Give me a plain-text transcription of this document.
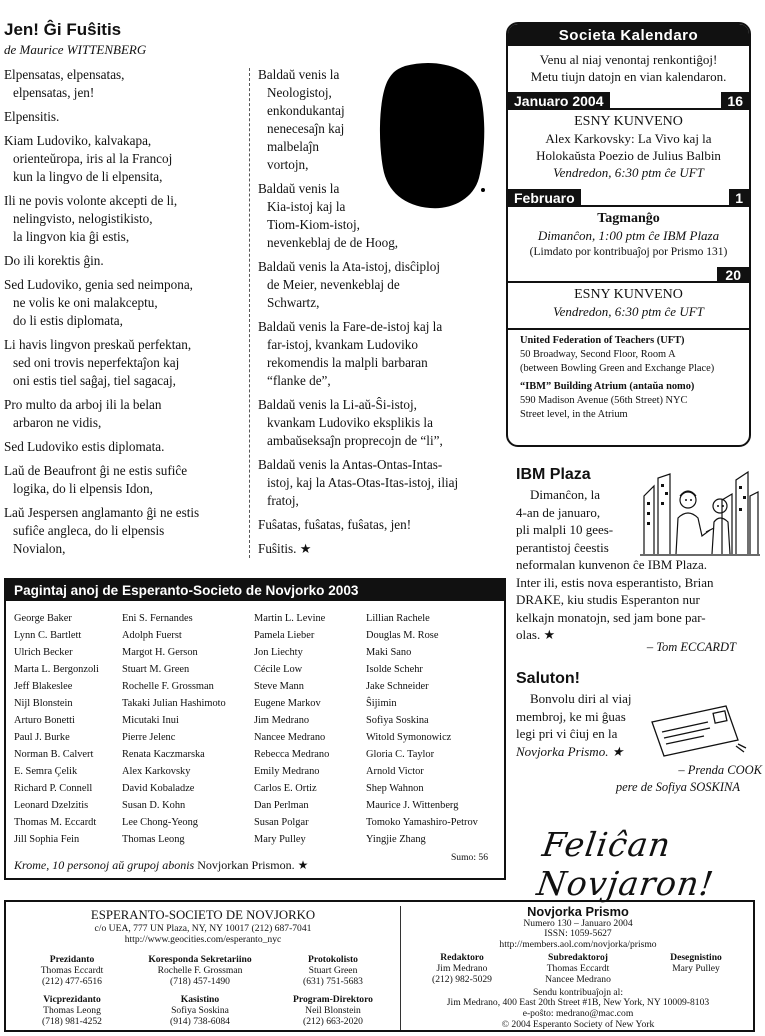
Jen! Ĝi Fuŝitis
de Maurice WITTENBERG
Elpensatas, elpensatas,
elpensatas, jen!
Elpensitis.
Kiam Ludoviko, kalvakapa,
orienteŭropa, iris al la Francoj
kun la lingvo de li elpensita,
Ili ne povis volonte akcepti de li,
nelingvisto, nelogistikisto,
la lingvon kia ĝi estis,
Do ili korektis ĝin.
Sed Ludoviko, genia sed neimpona,
ne volis ke oni malakceptu,
do li estis diplomata,
Li havis lingvon preskaŭ perfektan,
sed oni trovis neperfektaĵon kaj
oni estis tiel saĝaj, tiel sagacaj,
Pro multo da arboj ili la belan
arbaron ne vidis,
Sed Ludoviko estis diplomata.
Laŭ de Beaufront ĝi ne estis sufiĉe
logika, do li elpensis Idon,
Laŭ Jespersen anglamanto ĝi ne estis
sufiĉe angleca, do li elpensis
Novialon,
Baldaŭ venis la
Neologistoj,
enkondukantaj
nenecesaĵn kaj
malbelaĵn
vortojn,
Baldaŭ venis la
Kia-istoj kaj la
Tiom-Kiom-istoj,
nevenkeblaj de de Hoog,
Baldaŭ venis la Ata-istoj, disĉiploj
de Meier, nevenkeblaj de
Schwartz,
Baldaŭ venis la Fare-de-istoj kaj la
far-istoj, kvankam Ludoviko
rekomendis la malpli barbaran
“flanke de”,
Baldaŭ venis la Li-aŭ-Ŝi-istoj,
kvankam Ludoviko eksplikis la
ambaŭseksaĵn proprecojn de “li”,
Baldaŭ venis la Antas-Ontas-Intas-
istoj, kaj la Atas-Otas-Itas-istoj, iliaj
fratoj,
Fuŝatas, fuŝatas, fuŝatas, jen!
Fuŝitis. ★
Societa Kalendaro
Venu al niaj venontaj renkontiĝoj!
Metu tiujn datojn en vian kalendaron.
Januaro 2004	16
ESNY KUNVENO
Alex Karkovsky: La Vivo kaj la
Holokaŭsta Poezio de Julius Balbin
Vendredon, 6:30 ptm ĉe UFT
Februaro	1
Tagmanĝo
Dimanĉon, 1:00 ptm ĉe IBM Plaza
(Limdato por kontribuaĵoj por Prismo 131)
20
ESNY KUNVENO
Vendredon, 6:30 ptm ĉe UFT
United Federation of Teachers (UFT)
50 Broadway, Second Floor, Room A
(between Bowling Green and Exchange Place)
“IBM” Building Atrium (antaŭa nomo)
590 Madison Avenue (56th Street) NYC
Street level, in the Atrium
IBM Plaza
Dimanĉon, la
4-an de januaro,
pli malpli 10 gees-
perantistoj ĉeestis
neformalan kunvenon ĉe IBM Plaza.
Inter ili, estis nova esperantisto, Brian
DRAKE, kiu studis Esperanton nur
kelkajn monatojn, sed jam bone par-
olas. ★
– Tom ECCARDT
Saluton!
Bonvolu diri al viaj
membroj, ke mi ĝuas
legi pri vi ĉiuj en la
Novjorka Prismo. ★
– Prenda COOK
pere de Sofiya SOSKINA
Feliĉan Novjaron!
Pagintaj anoj de Esperanto-Societo de Novjorko 2003
George Baker
Lynn C. Bartlett
Ulrich Becker
Marta L. Bergonzoli
Jeff Blakeslee
Nijl Blonstein
Arturo Bonetti
Paul J. Burke
Norman B. Calvert
E. Semra Çelik
Richard P. Connell
Leonard Dzelzitis
Thomas M. Eccardt
Jill Sophia Fein
Eni S. Fernandes
Adolph Fuerst
Margot H. Gerson
Stuart M. Green
Rochelle F. Grossman
Takaki Julian Hashimoto
Micutaki Inui
Pierre Jelenc
Renata Kaczmarska
Alex Karkovsky
David Kobaladze
Susan D. Kohn
Lee Chong-Yeong
Thomas Leong
Martin L. Levine
Pamela Lieber
Jon Liechty
Cécile Low
Steve Mann
Eugene Markov
Jim Medrano
Nancee Medrano
Rebecca Medrano
Emily Medrano
Carlos E. Ortiz
Dan Perlman
Susan Polgar
Mary Pulley
Lillian Rachele
Douglas M. Rose
Maki Sano
Isolde Schehr
Jake Schneider
Ŝijimin
Sofiya Soskina
Witold Symonowicz
Gloria C. Taylor
Arnold Victor
Shep Wahnon
Maurice J. Wittenberg
Tomoko Yamashiro-Petrov
Yingjie Zhang
Sumo: 56
Krome, 10 personoj aŭ grupoj abonis Novjorkan Prismon. ★
ESPERANTO-SOCIETO DE NOVJORKO
c/o UEA, 777 UN Plaza, NY, NY 10017 (212) 687-7041
http://www.geocities.com/esperanto_nyc
Prezidanto
Thomas Eccardt
(212) 477-6516
Koresponda Sekretariino
Rochelle F. Grossman
(718) 457-1490
Protokolisto
Stuart Green
(631) 751-5683
Vicprezidanto
Thomas Leong
(718) 981-4252
Kasistino
Sofiya Soskina
(914) 738-6084
Program-Direktoro
Neil Blonstein
(212) 663-2020
Novjorka Prismo
Numero 130 – Januaro 2004
ISSN: 1059-5627
http://members.aol.com/novjorka/prismo
Redaktoro
Jim Medrano
(212) 982-5029
Subredaktoroj
Thomas Eccardt
Nancee Medrano
Desegnistino
Mary Pulley
Sendu kontribuaĵojn al:
Jim Medrano, 400 East 20th Street #1B, New York, NY 10009-8103
e-poŝto: medrano@mac.com
© 2004 Esperanto Society of New York
